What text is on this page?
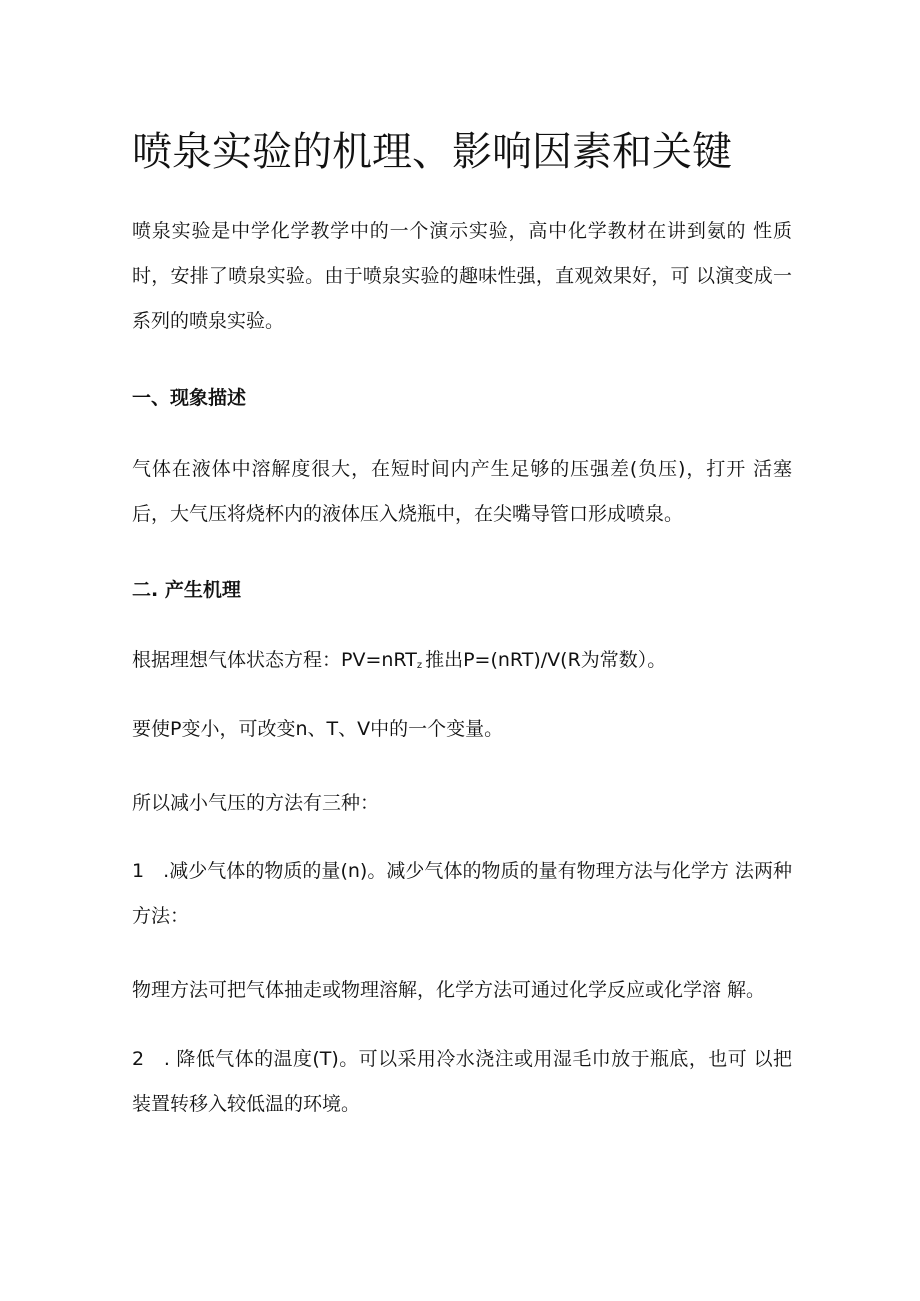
喷泉实验的机理、影响因素和关键

喷泉实验是中学化学教学中的一个演示实验，高中化学教材在讲到氨的 性质时，安排了喷泉实验。由于喷泉实验的趣味性强，直观效果好，可 以演变成一系列的喷泉实验。

一、现象描述

气体在液体中溶解度很大，在短时间内产生足够的压强差(负压)，打开 活塞后，大气压将烧杯内的液体压入烧瓶中，在尖嘴导管口形成喷泉。

二. 产生机理

根据理想气体状态方程：PV=nRT$_z$ 推出P=(nRT)/V(R为常数）。

要使P变小，可改变n、T、V中的一个变量。

所以减小气压的方法有三种：

1　.减少气体的物质的量(n)。减少气体的物质的量有物理方法与化学方 法两种方法：

物理方法可把气体抽走或物理溶解，化学方法可通过化学反应或化学溶 解。

2　. 降低气体的温度(T)。可以采用冷水浇注或用湿毛巾放于瓶底，也可 以把装置转移入较低温的环境。
